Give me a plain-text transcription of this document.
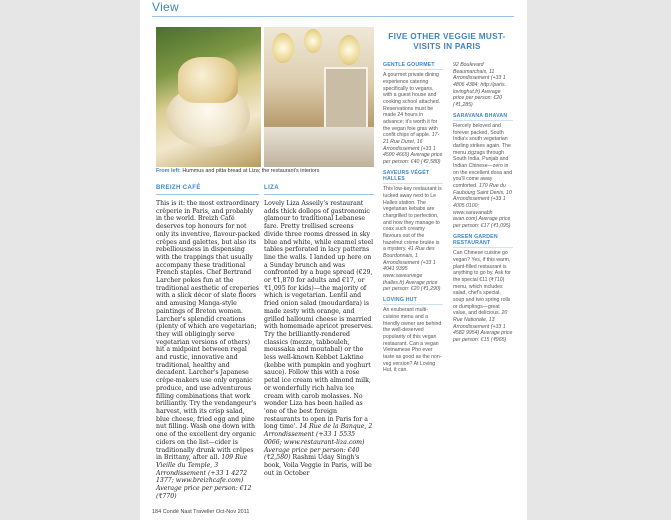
View
From left: Hummus and pitta bread at Liza; the restaurant's interiors
BREIZH CAFÉ
This is it: the most extraordinary crêperie in Paris, and probably in the world. Breizh Café deserves top honours for not only its inventive, flavour-packed crêpes and galettes, but also its rebelliousness in dispensing with the trappings that usually accompany these traditional French staples. Chef Bertrand Larcher pokes fun at the traditional aesthetic of creperies with a slick décor of slate floors and amusing Manga-style paintings of Breton women. Larcher's splendid creations (plenty of which are vegetarian; they will obligingly serve vegetarian versions of others) hit a midpoint between regal and rustic, innovative and traditional, healthy and decadent. Larcher's Japanese crêpe-makers use only organic produce, and use adventurous filling combinations that work brilliantly. Try the vendangeur's harvest, with its crisp salad, blue cheese, fried egg and pine nut filling. Wash one down with one of the excellent dry organic ciders on the list—cider is traditionally drunk with crêpes in Brittany, after all. 109 Rue Vieille du Temple, 3 Arrondissement (+33 1 4272 1377; www.breizhcafe.com) Average price per person: €12 (₹770)
LIZA
Lovely Liza Asseily's restaurant adds thick dollops of gastronomic glamour to traditional Lebanese fare. Pretty trellised screens divide three rooms dressed in sky blue and white, while enamel steel tables perforated in lacy patterns line the walls. I landed up here on a Sunday brunch and was confronted by a huge spread (€29, or ₹1,870 for adults and €17, or ₹1,095 for kids)—the majority of which is vegetarian. Lentil and fried onion salad (moudardara) is made zesty with orange, and grilled halloumi cheese is married with homemade apricot preserves. Try the brilliantly-rendered classics (mezze, tabbouleh, moussaka and moutabal) or the less well-known Kebbet Laktine (kebbe with pumpkin and yoghurt sauce). Follow this with a rose petal ice cream with almond milk, or wonderfully rich halva ice cream with carob molasses. No wonder Liza has been hailed as 'one of the best foreign restaurants to open in Paris for a long time'. 14 Rue de la Banque, 2 Arrondissement (+33 1 5535 0066; www.restaurant-liza.com) Average price per person: €40 (₹2,580) Rashmi Uday Singh's book, Voila Veggie in Paris, will be out in October
FIVE OTHER VEGGIE MUST-VISITS IN PARIS
GENTLE GOURMET

A gourmet private dining experience catering specifically to vegans, with a guest house and cooking school attached. Reservations must be made 24 hours in advance; it's worth it for the vegan foie gras with confit chips of apple. 17-21 Rue Duret, 16 Arrondissement (+33 1 4500 4665) Average price per person: €40 (₹2,580)

SAVEURS VÉGÉT HALLES

This low-key restaurant is tucked away next to Le Halles station. The vegetarian kebabs are chargrilled to perfection, and how they manage to coax such creamy flavours out of the hazelnut crème brulée is a mystery. 41 Rue des Bourdonnais, 1 Arrondissement (+33 1 4041 9395 www.saveurvege thalles.fr) Average price per person: €20 (₹1,290)

LOVING HUT

An exuberant multi-cuisine menu and a friendly owner are behind the well-deserved popularity of this vegan restaurant. Can a vegan Vietnamese Pho ever taste as good as the non-veg version? At Loving Hut, it can.

92 Boulevard Beaumarchais, 11 Arrondissement (+33 1 4806 4384; http://paris. lovinghut.fr) Average price per person: €20 (₹1,285)

SARAVANA BHAVAN

Fiercely beloved and forever packed, South India's south vegetarian darling strikes again. The menu zigzags through South India, Punjab and Indian Chinese—zero in on the excellent dosa and you'll come away comforted. 170 Rue du Faubourg Saint Denis, 10 Arrondissement (+33 1 4005 0100; www.saravanabh avan.com) Average price per person: €17 (₹1,095)

GREEN GARDEN RESTAURANT

Can Chinese cuisine go vegan? Yes, if this warm, plant-filled restaurant is anything to go by. Ask for the special €11 (₹710) menu, which includes salad, chef's special, soup and two spring rolls or dumplings—great value, and delicious. 20 Rue Nationale, 13 Arrondissement (+33 1 4582 9954) Average price per person: €15 (₹965)

184 Condé Nast Traveller Oct-Nov 2011
